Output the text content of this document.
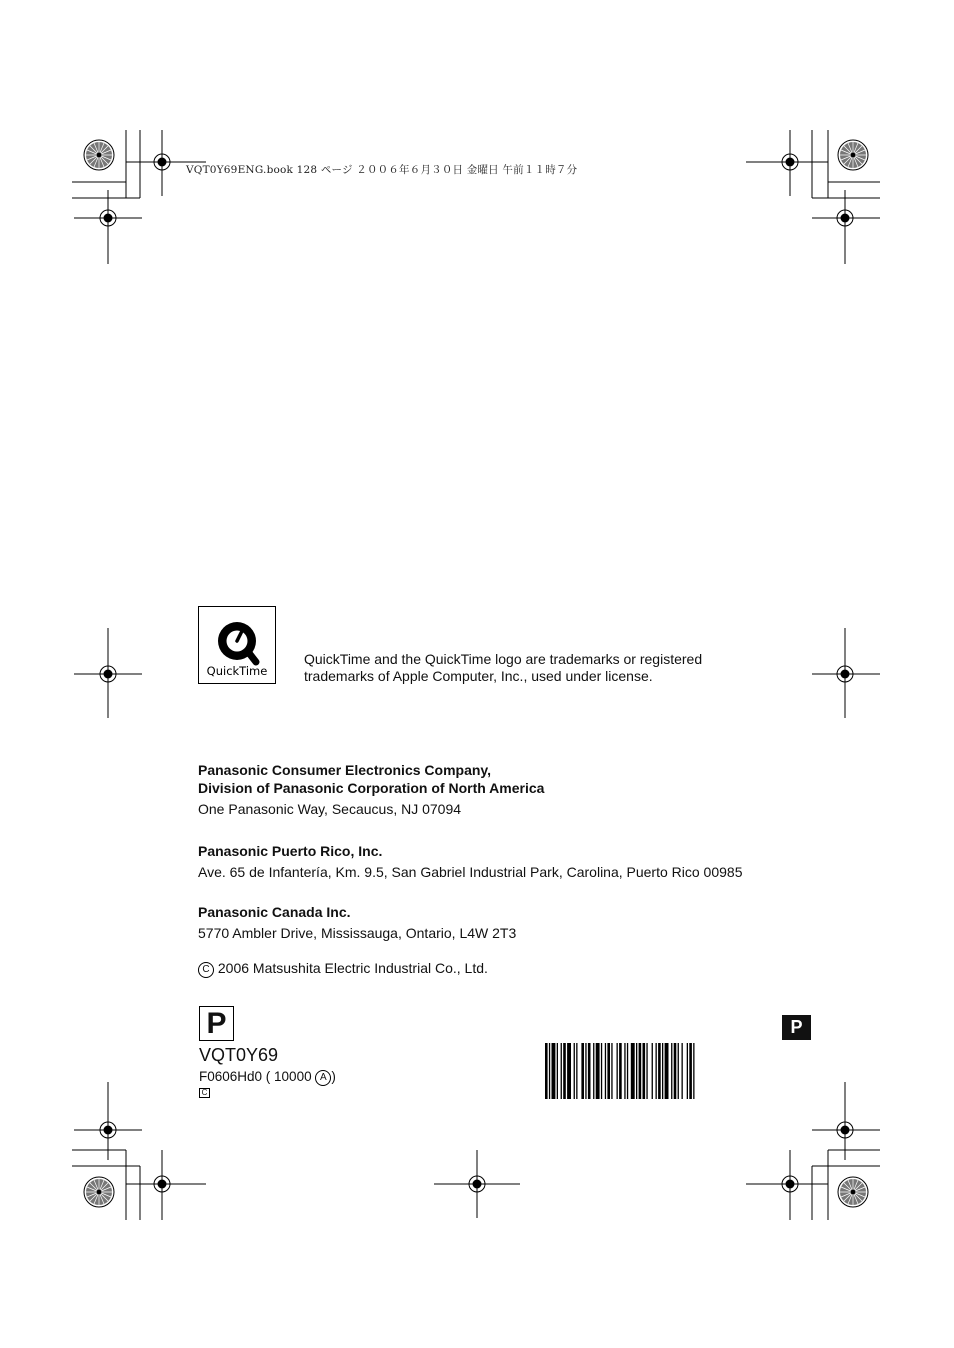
VQT0Y69ENG.book 128 ページ ２００６年６月３０日 金曜日 午前１１時７分
QuickTime
QuickTime and the QuickTime logo are trademarks or registered trademarks of Apple Computer, Inc., used under license.
Panasonic Consumer Electronics Company,
Division of Panasonic Corporation of North America
One Panasonic Way, Secaucus, NJ 07094
Panasonic Puerto Rico, Inc.
Ave. 65 de Infantería, Km. 9.5, San Gabriel Industrial Park, Carolina, Puerto Rico 00985
Panasonic Canada Inc.
5770 Ambler Drive, Mississauga, Ontario, L4W 2T3
C 2006 Matsushita Electric Industrial Co., Ltd.
P	P
VQT0Y69
F0606Hd0 ( 10000 A )
C
